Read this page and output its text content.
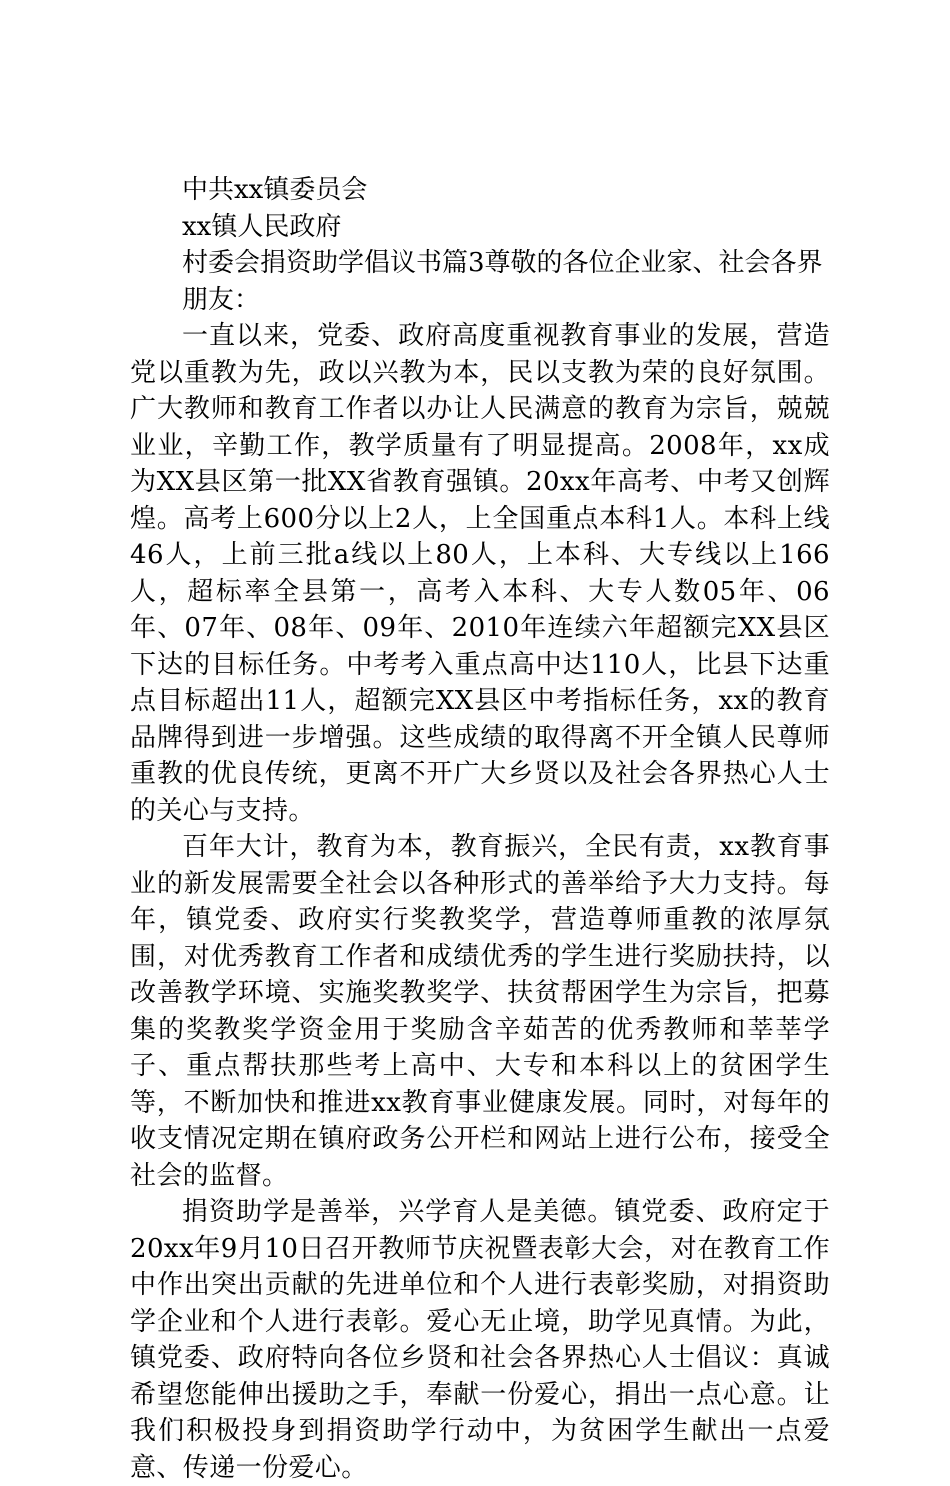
中共xx镇委员会
xx镇人民政府
村委会捐资助学倡议书篇3尊敬的各位企业家、社会各界
朋友：

一直以来，党委、政府高度重视教育事业的发展，营造党以重教为先，政以兴教为本，民以支教为荣的良好氛围。广大教师和教育工作者以办让人民满意的教育为宗旨，兢兢业业，辛勤工作，教学质量有了明显提高。2008年，xx成为XX县区第一批XX省教育强镇。20xx年高考、中考又创辉煌。高考上600分以上2人，上全国重点本科1人。本科上线46人，上前三批a线以上80人，上本科、大专线以上166人，超标率全县第一，高考入本科、大专人数05年、06年、07年、08年、09年、2010年连续六年超额完XX县区下达的目标任务。中考考入重点高中达110人，比县下达重点目标超出11人，超额完XX县区中考指标任务，xx的教育品牌得到进一步增强。这些成绩的取得离不开全镇人民尊师重教的优良传统，更离不开广大乡贤以及社会各界热心人士的关心与支持。

百年大计，教育为本，教育振兴，全民有责，xx教育事业的新发展需要全社会以各种形式的善举给予大力支持。每年，镇党委、政府实行奖教奖学，营造尊师重教的浓厚氛围，对优秀教育工作者和成绩优秀的学生进行奖励扶持，以改善教学环境、实施奖教奖学、扶贫帮困学生为宗旨，把募集的奖教奖学资金用于奖励含辛茹苦的优秀教师和莘莘学子、重点帮扶那些考上高中、大专和本科以上的贫困学生等，不断加快和推进xx教育事业健康发展。同时，对每年的收支情况定期在镇府政务公开栏和网站上进行公布，接受全社会的监督。

捐资助学是善举，兴学育人是美德。镇党委、政府定于20xx年9月10日召开教师节庆祝暨表彰大会，对在教育工作中作出突出贡献的先进单位和个人进行表彰奖励，对捐资助学企业和个人进行表彰。爱心无止境，助学见真情。为此，镇党委、政府特向各位乡贤和社会各界热心人士倡议：真诚希望您能伸出援助之手，奉献一份爱心，捐出一点心意。让我们积极投身到捐资助学行动中，为贫困学生献出一点爱意、传递一份爱心。
